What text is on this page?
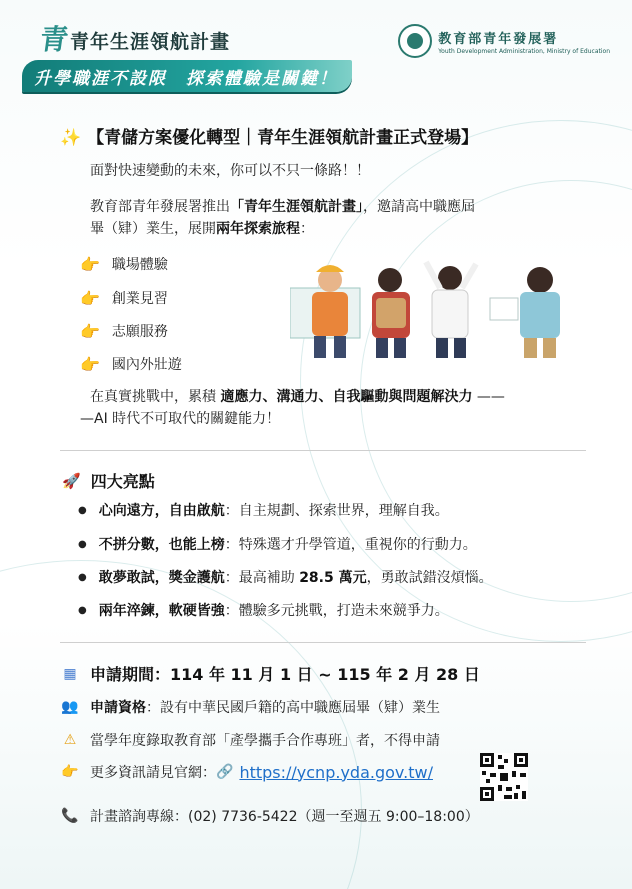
青 青年生涯領航計畫
升學職涯不設限　探索體驗是關鍵！
教育部青年發展署
Youth Development Administration, Ministry of Education
✨ 【青儲方案優化轉型｜青年生涯領航計畫正式登場】
面對快速變動的未來，你可以不只一條路！！
教育部青年發展署推出「青年生涯領航計畫」，邀請高中職應屆
畢（肄）業生，展開兩年探索旅程：
👉 職場體驗
👉 創業見習
👉 志願服務
👉 國內外壯遊
在真實挑戰中，累積 適應力、溝通力、自我驅動與問題解決力 ——
—AI 時代不可取代的關鍵能力！
🚀 四大亮點
● 心向遠方，自由啟航 ：自主規劃、探索世界，理解自我。
● 不拼分數，也能上榜 ：特殊選才升學管道，重視你的行動力。
● 敢夢敢試，獎金護航 ：最高補助
28.5 萬元 ，勇敢試錯沒煩惱。
● 兩年淬鍊，軟硬皆強 ：體驗多元挑戰，打造未來競爭力。
▦ 申請期間：114 年 11 月 1 日 ~ 115 年 2 月 28 日
👥 申請資格 ：設有中華民國戶籍的高中職應屆畢（肄）業生
⚠ 當學年度錄取教育部「產學攜手合作專班」者，不得申請
👉 更多資訊請見官網： 🔗 https://ycnp.yda.gov.tw/
📞 計畫諮詢專線：(02) 7736-5422（週一至週五 9:00–18:00）
